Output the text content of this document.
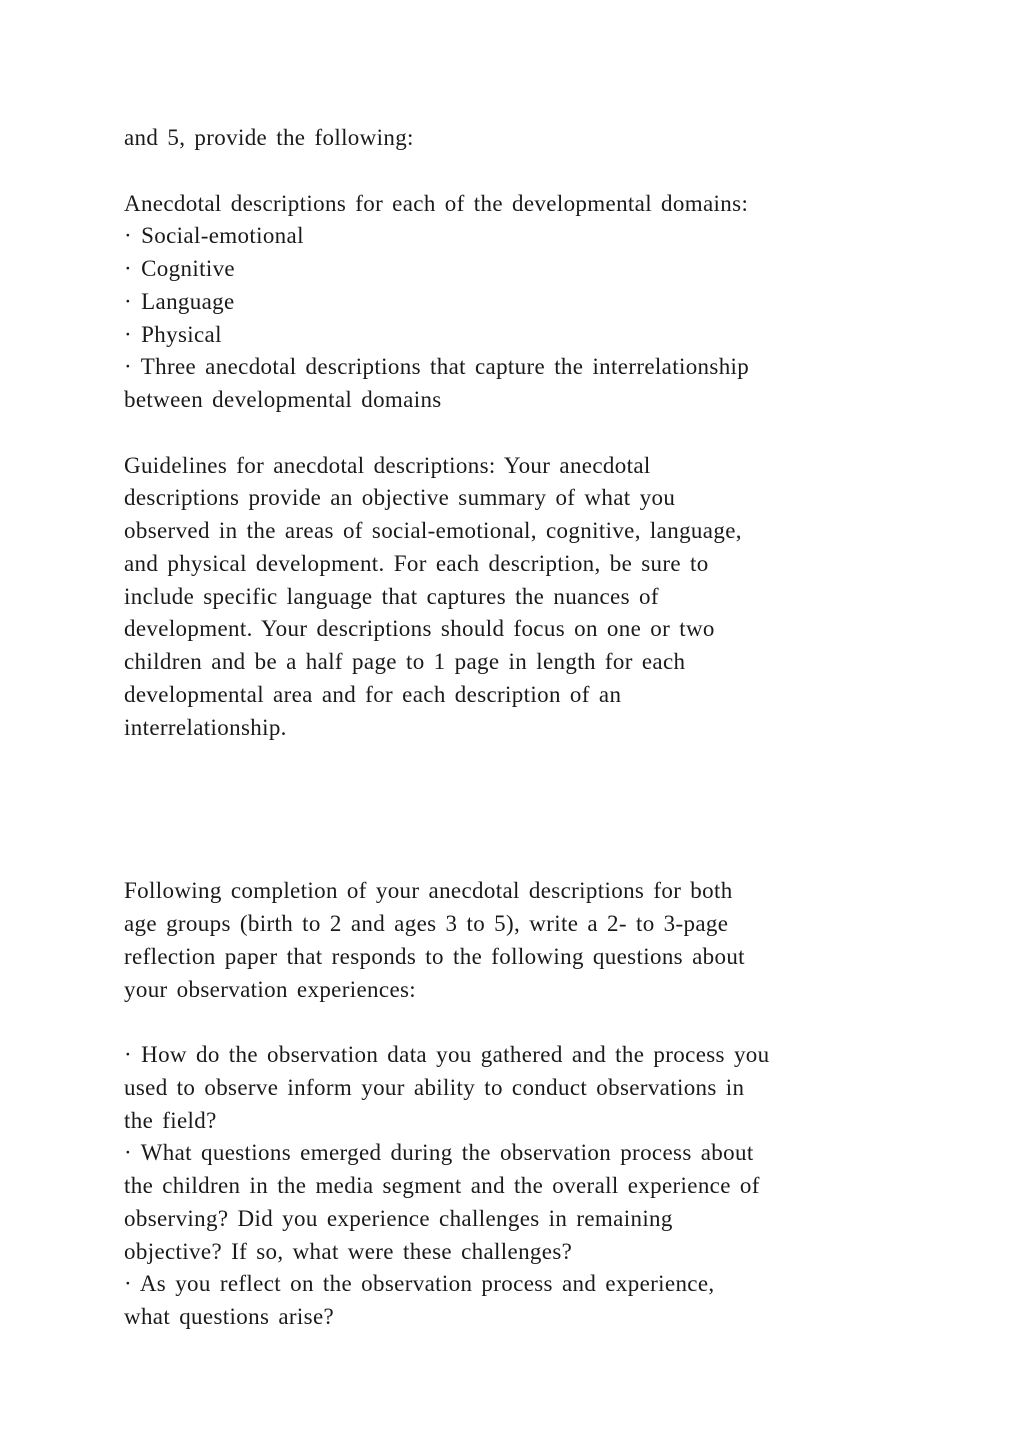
and 5, provide the following:
Anecdotal descriptions for each of the developmental domains:
· Social-emotional
· Cognitive
· Language
· Physical
· Three anecdotal descriptions that capture the interrelationship
between developmental domains
Guidelines for anecdotal descriptions: Your anecdotal
descriptions provide an objective summary of what you
observed in the areas of social-emotional, cognitive, language,
and physical development. For each description, be sure to
include specific language that captures the nuances of
development. Your descriptions should focus on one or two
children and be a half page to 1 page in length for each
developmental area and for each description of an
interrelationship.
Following completion of your anecdotal descriptions for both
age groups (birth to 2 and ages 3 to 5), write a 2- to 3-page
reflection paper that responds to the following questions about
your observation experiences:
· How do the observation data you gathered and the process you
used to observe inform your ability to conduct observations in
the field?
· What questions emerged during the observation process about
the children in the media segment and the overall experience of
observing? Did you experience challenges in remaining
objective? If so, what were these challenges?
· As you reflect on the observation process and experience,
what questions arise?
